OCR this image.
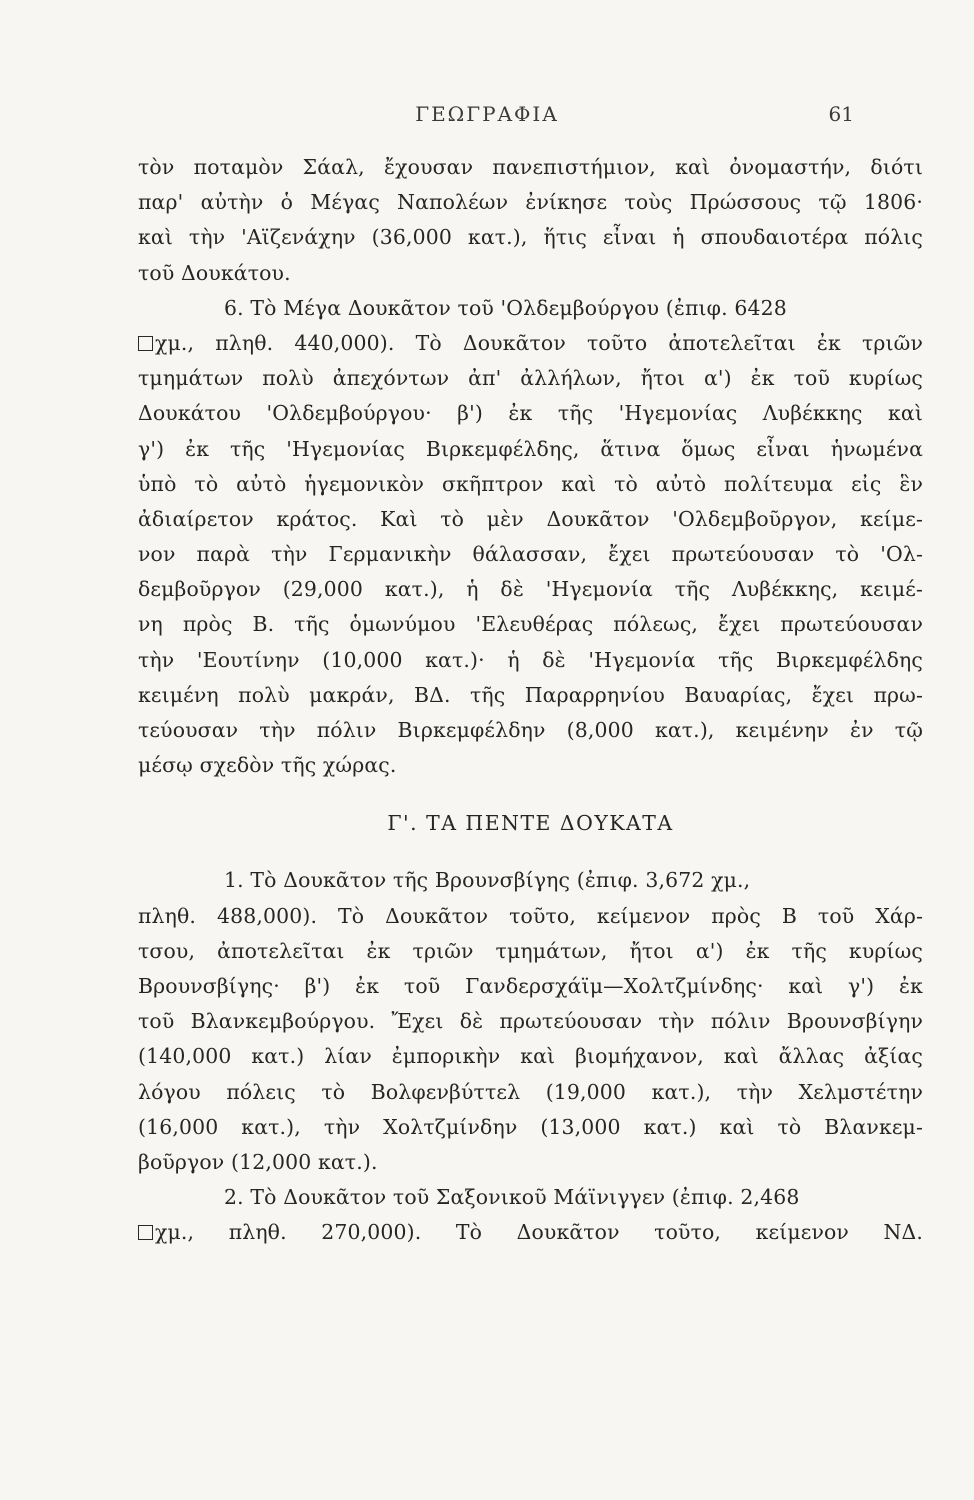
ΓΕΩΓΡΑΦΙΑ	61
τὸν ποταμὸν Σάαλ, ἔχουσαν πανεπιστήμιον, καὶ ὀνομαστήν, διότι
παρ' αὐτὴν ὁ Μέγας Ναπολέων ἐνίκησε τοὺς Πρώσσους τῷ 1806·
καὶ τὴν 'Αϊζενάχην (36,000 κατ.), ἥτις εἶναι ἡ σπουδαιοτέρα πόλις
τοῦ Δουκάτου.
6. Τὸ Μέγα Δουκᾶτον τοῦ 'Ολδεμβούργου (ἐπιφ. 6428
χμ., πληθ. 440,000). Τὸ Δουκᾶτον τοῦτο ἀποτελεῖται ἐκ τριῶν
τμημάτων πολὺ ἀπεχόντων ἀπ' ἀλλήλων, ἤτοι α') ἐκ τοῦ κυρίως
Δουκάτου 'Ολδεμβούργου· β') ἐκ τῆς 'Ηγεμονίας Λυβέκκης καὶ
γ') ἐκ τῆς 'Ηγεμονίας Βιρκεμφέλδης, ἅτινα ὅμως εἶναι ἡνωμένα
ὑπὸ τὸ αὐτὸ ἡγεμονικὸν σκῆπτρον καὶ τὸ αὐτὸ πολίτευμα εἰς ἓν
ἀδιαίρετον κράτος. Καὶ τὸ μὲν Δουκᾶτον 'Ολδεμβοῦργον, κείμε-
νον παρὰ τὴν Γερμανικὴν θάλασσαν, ἔχει πρωτεύουσαν τὸ 'Ολ-
δεμβοῦργον (29,000 κατ.), ἡ δὲ 'Ηγεμονία τῆς Λυβέκκης, κειμέ-
νη πρὸς Β. τῆς ὁμωνύμου 'Ελευθέρας πόλεως, ἔχει πρωτεύουσαν
τὴν 'Εουτίνην (10,000 κατ.)· ἡ δὲ 'Ηγεμονία τῆς Βιρκεμφέλδης
κειμένη πολὺ μακράν, ΒΔ. τῆς Παραρρηνίου Βαυαρίας, ἔχει πρω-
τεύουσαν τὴν πόλιν Βιρκεμφέλδην (8,000 κατ.), κειμένην ἐν τῷ
μέσῳ σχεδὸν τῆς χώρας.
Γ'. ΤΑ ΠΕΝΤΕ ΔΟΥΚΑΤΑ
1. Τὸ Δουκᾶτον τῆς Βρουνσβίγης (ἐπιφ. 3,672 χμ.,
πληθ. 488,000). Τὸ Δουκᾶτον τοῦτο, κείμενον πρὸς Β τοῦ Χάρ-
τσου, ἀποτελεῖται ἐκ τριῶν τμημάτων, ἤτοι α') ἐκ τῆς κυρίως
Βρουνσβίγης· β') ἐκ τοῦ Γανδερσχάϊμ—Χολτζμίνδης· καὶ γ') ἐκ
τοῦ Βλανκεμβούργου. Ἔχει δὲ πρωτεύουσαν τὴν πόλιν Βρουνσβίγην
(140,000 κατ.) λίαν ἐμπορικὴν καὶ βιομήχανον, καὶ ἄλλας ἀξίας
λόγου πόλεις τὸ Βολφενβύττελ (19,000 κατ.), τὴν Χελμστέτην
(16,000 κατ.), τὴν Χολτζμίνδην (13,000 κατ.) καὶ τὸ Βλανκεμ-
βοῦργον (12,000 κατ.).
2. Τὸ Δουκᾶτον τοῦ Σαξονικοῦ Μάϊνιγγεν (ἐπιφ. 2,468
χμ., πληθ. 270,000). Τὸ Δουκᾶτον τοῦτο, κείμενον ΝΔ.
